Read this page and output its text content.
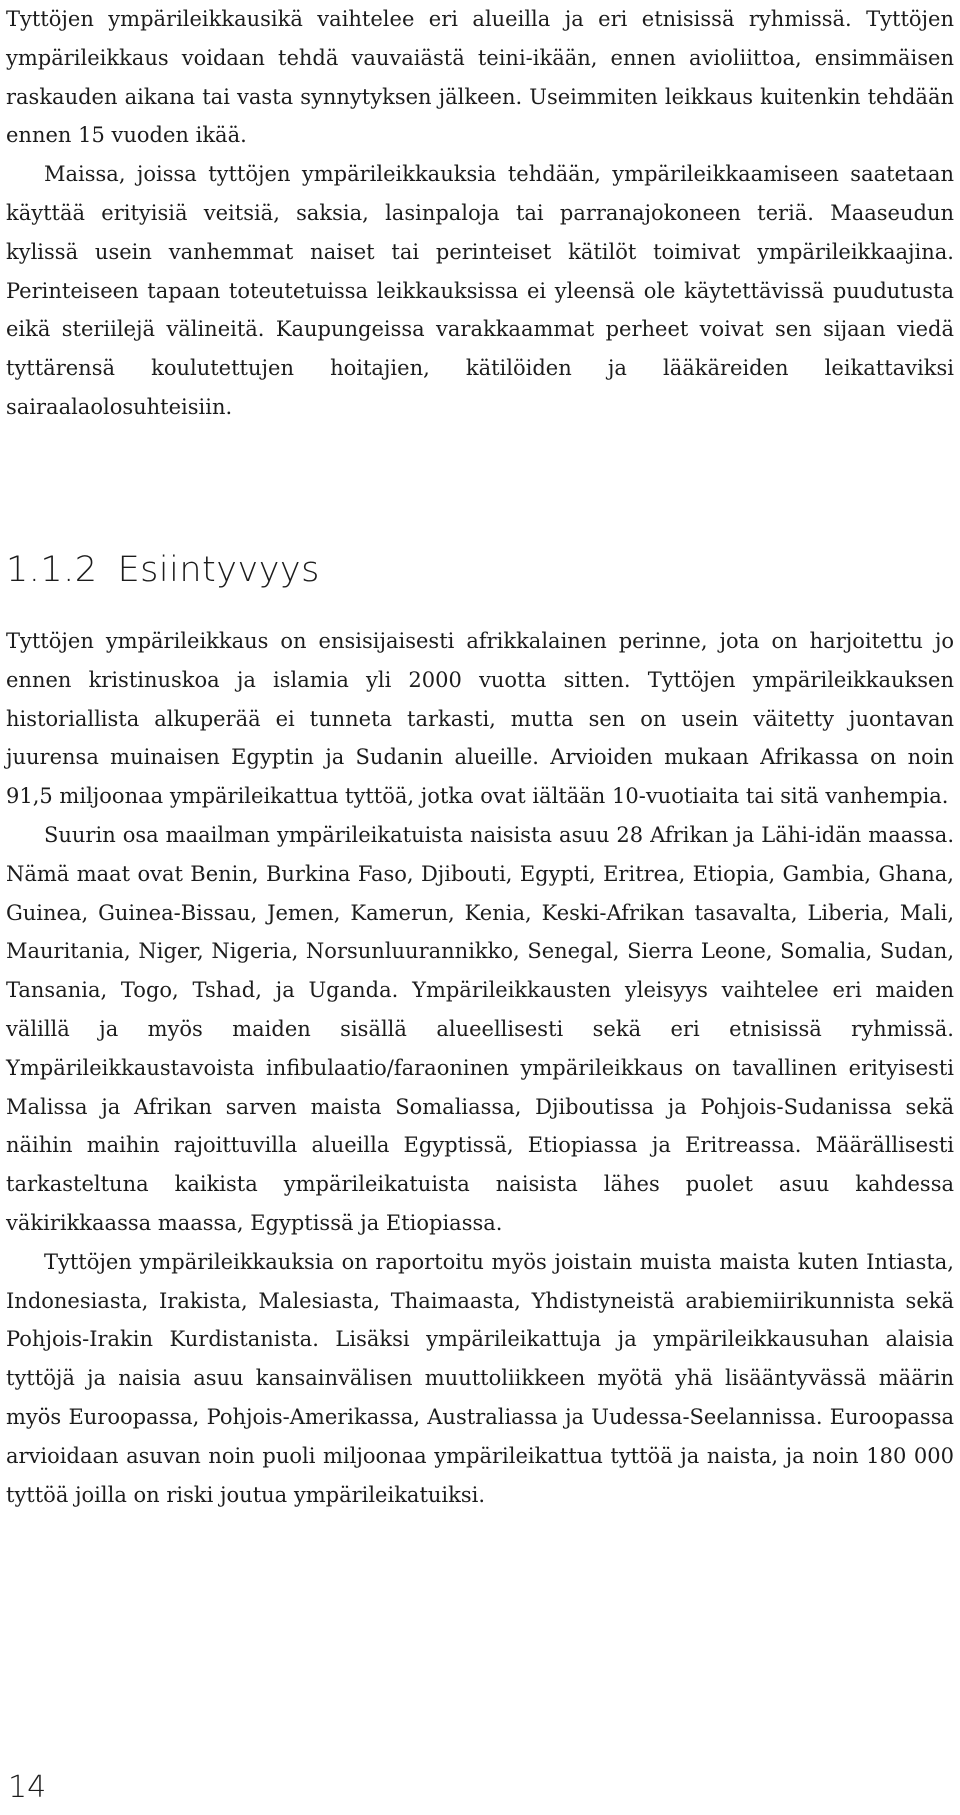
Tyttöjen ympärileikkausikä vaihtelee eri alueilla ja eri etnisissä ryhmissä. Tyttöjen ympärileikkaus voidaan tehdä vauvaiästä teini-ikään, ennen avioliittoa, ensimmäisen raskauden aikana tai vasta synnytyksen jälkeen. Useimmiten leikkaus kuitenkin tehdään ennen 15 vuoden ikää.

Maissa, joissa tyttöjen ympärileikkauksia tehdään, ympärileikkaamiseen saatetaan käyttää erityisiä veitsiä, saksia, lasinpaloja tai parranajokoneen teriä. Maaseudun kylissä usein vanhemmat naiset tai perinteiset kätilöt toimivat ympärileikkaajina. Perinteiseen tapaan toteutetuissa leikkauksissa ei yleensä ole käytettävissä puudutusta eikä steriilejä välineitä. Kaupungeissa varakkaammat perheet voivat sen sijaan viedä tyttärensä koulutettujen hoitajien, kätilöiden ja lääkäreiden leikattaviksi sairaalaolosuhteisiin.

1.1.2 Esiintyvyys

Tyttöjen ympärileikkaus on ensisijaisesti afrikkalainen perinne, jota on harjoitettu jo ennen kristinuskoa ja islamia yli 2000 vuotta sitten. Tyttöjen ympärileikkauksen historiallista alkuperää ei tunneta tarkasti, mutta sen on usein väitetty juontavan juurensa muinaisen Egyptin ja Sudanin alueille. Arvioiden mukaan Afrikassa on noin 91,5 miljoonaa ympärileikattua tyttöä, jotka ovat iältään 10-vuotiaita tai sitä vanhempia.

Suurin osa maailman ympärileikatuista naisista asuu 28 Afrikan ja Lähi-idän maassa. Nämä maat ovat Benin, Burkina Faso, Djibouti, Egypti, Eritrea, Etiopia, Gambia, Ghana, Guinea, Guinea-Bissau, Jemen, Kamerun, Kenia, Keski-Afrikan tasavalta, Liberia, Mali, Mauritania, Niger, Nigeria, Norsunluurannikko, Senegal, Sierra Leone, Somalia, Sudan, Tansania, Togo, Tshad, ja Uganda. Ympärileikkausten yleisyys vaihtelee eri maiden välillä ja myös maiden sisällä alueellisesti sekä eri etnisissä ryhmissä. Ympärileikkaustavoista infibulaatio/faraoninen ympärileikkaus on tavallinen erityisesti Malissa ja Afrikan sarven maista Somaliassa, Djiboutissa ja Pohjois-Sudanissa sekä näihin maihin rajoittuvilla alueilla Egyptissä, Etiopiassa ja Eritreassa. Määrällisesti tarkasteltuna kaikista ympärileikatuista naisista lähes puolet asuu kahdessa väkirikkaassa maassa, Egyptissä ja Etiopiassa.

Tyttöjen ympärileikkauksia on raportoitu myös joistain muista maista kuten Intiasta, Indonesiasta, Irakista, Malesiasta, Thaimaasta, Yhdistyneistä arabiemiirikunnista sekä Pohjois-Irakin Kurdistanista. Lisäksi ympärileikattuja ja ympärileikkausuhan alaisia tyttöjä ja naisia asuu kansainvälisen muuttoliikkeen myötä yhä lisääntyvässä määrin myös Euroopassa, Pohjois-Amerikassa, Australiassa ja Uudessa-Seelannissa. Euroopassa arvioidaan asuvan noin puoli miljoonaa ympärileikattua tyttöä ja naista, ja noin 180 000 tyttöä joilla on riski joutua ympärileikatuiksi.

14
